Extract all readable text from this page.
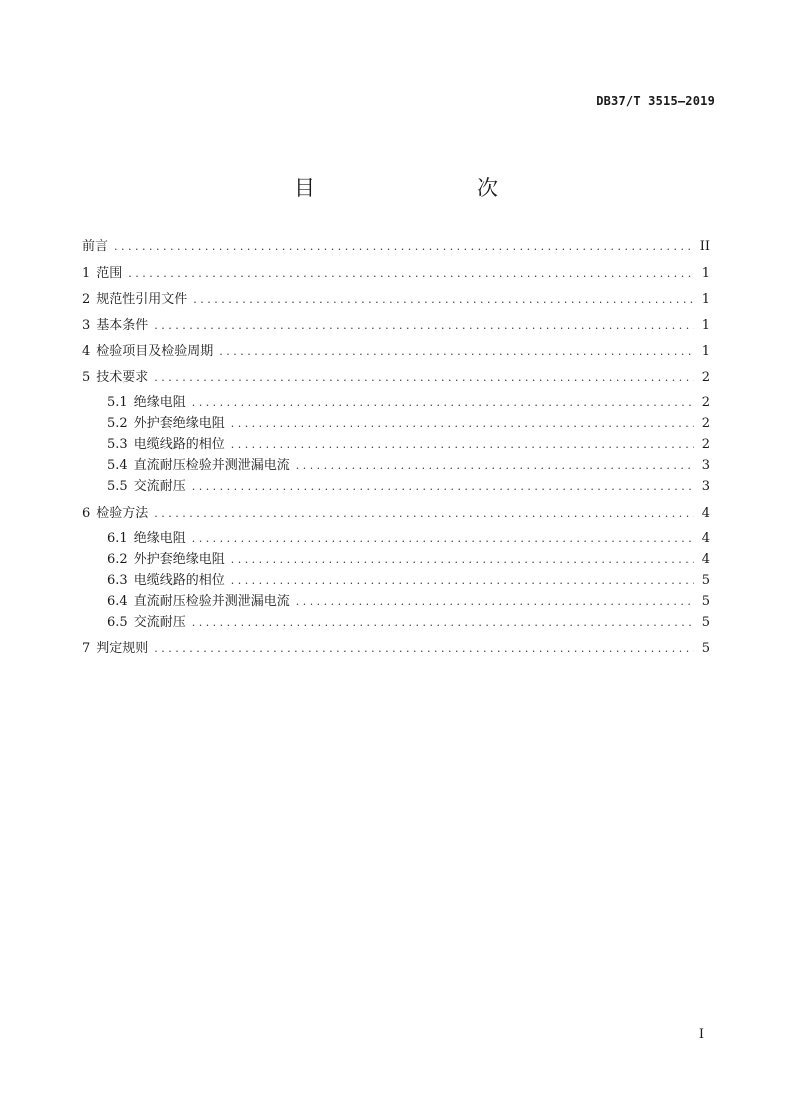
DB37/T 3515—2019
目　　次
前言 . . .	II
1 范围 . . .	1
2 规范性引用文件 . . .	1
3 基本条件 . . .	1
4 检验项目及检验周期 . . .	1
5 技术要求 . . .	2
5.1 绝缘电阻 . . .	2
5.2 外护套绝缘电阻 . . .	2
5.3 电缆线路的相位 . . .	2
5.4 直流耐压检验并测泄漏电流 . . .	3
5.5 交流耐压 . . .	3
6 检验方法 . . .	4
6.1 绝缘电阻 . . .	4
6.2 外护套绝缘电阻 . . .	4
6.3 电缆线路的相位 . . .	5
6.4 直流耐压检验并测泄漏电流 . . .	5
6.5 交流耐压 . . .	5
7 判定规则 . . .	5
I
